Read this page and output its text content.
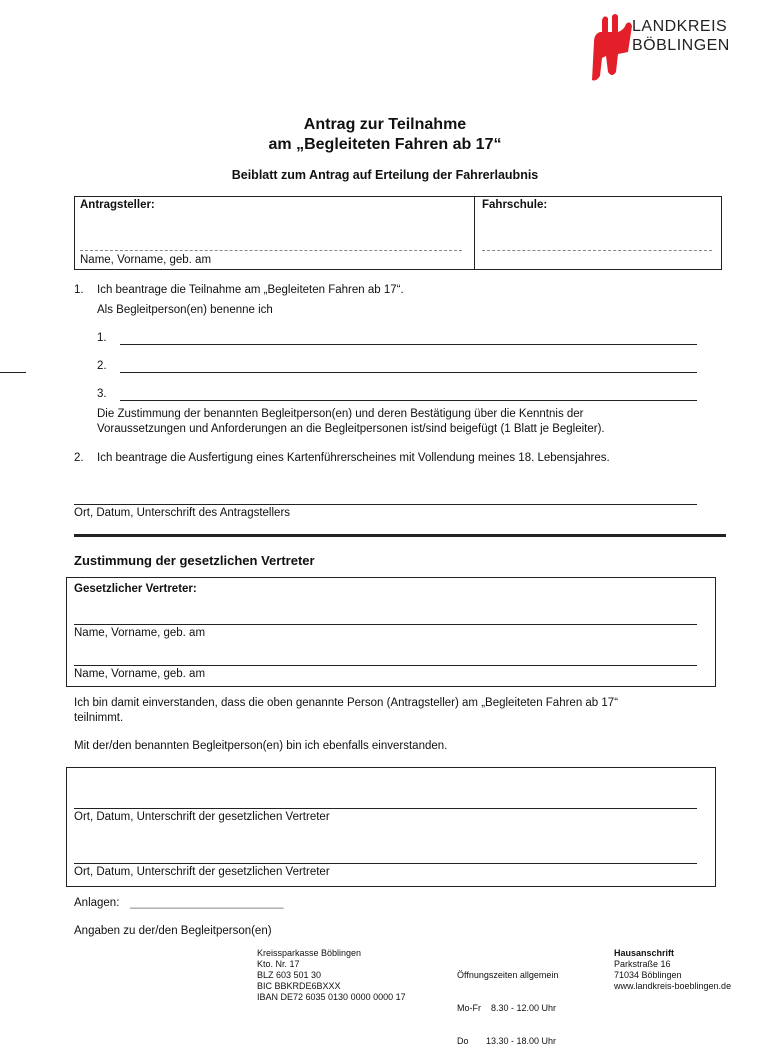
LANDKREIS
BÖBLINGEN
Antrag zur Teilnahme
am „Begleiteten Fahren ab 17“
Beiblatt zum Antrag auf Erteilung der Fahrerlaubnis
Antragsteller:	Fahrschule:
Name, Vorname, geb. am
1. Ich beantrage die Teilnahme am „Begleiteten Fahren ab 17“.
Als Begleitperson(en) benenne ich
1.
2.
3.
Die Zustimmung der benannten Begleitperson(en) und deren Bestätigung über die Kenntnis der
Voraussetzungen und Anforderungen an die Begleitpersonen ist/sind beigefügt (1 Blatt je Begleiter).
2. Ich beantrage die Ausfertigung eines Kartenführerscheines mit Vollendung meines 18. Lebensjahres.
Ort, Datum, Unterschrift des Antragstellers
Zustimmung der gesetzlichen Vertreter
Gesetzlicher Vertreter:
Name, Vorname, geb. am
Name, Vorname, geb. am
Ich bin damit einverstanden, dass die oben genannte Person (Antragsteller) am „Begleiteten Fahren ab 17“
teilnimmt.
Mit der/den benannten Begleitperson(en) bin ich ebenfalls einverstanden.
Ort, Datum, Unterschrift der gesetzlichen Vertreter
Ort, Datum, Unterschrift der gesetzlichen Vertreter
Anlagen: ________________________
Angaben zu der/den Begleitperson(en)
Kreissparkasse Böblingen
Kto. Nr. 17
BLZ 603 501 30
BIC BBKRDE6BXXX
IBAN DE72 6035 0130 0000 0000 17

Öffnungszeiten allgemein

Mo-Fr    8.30 - 12.00 Uhr

Do       13.30 - 18.00 Uhr

Hausanschrift
Parkstraße 16
71034 Böblingen
www.landkreis-boeblingen.de
